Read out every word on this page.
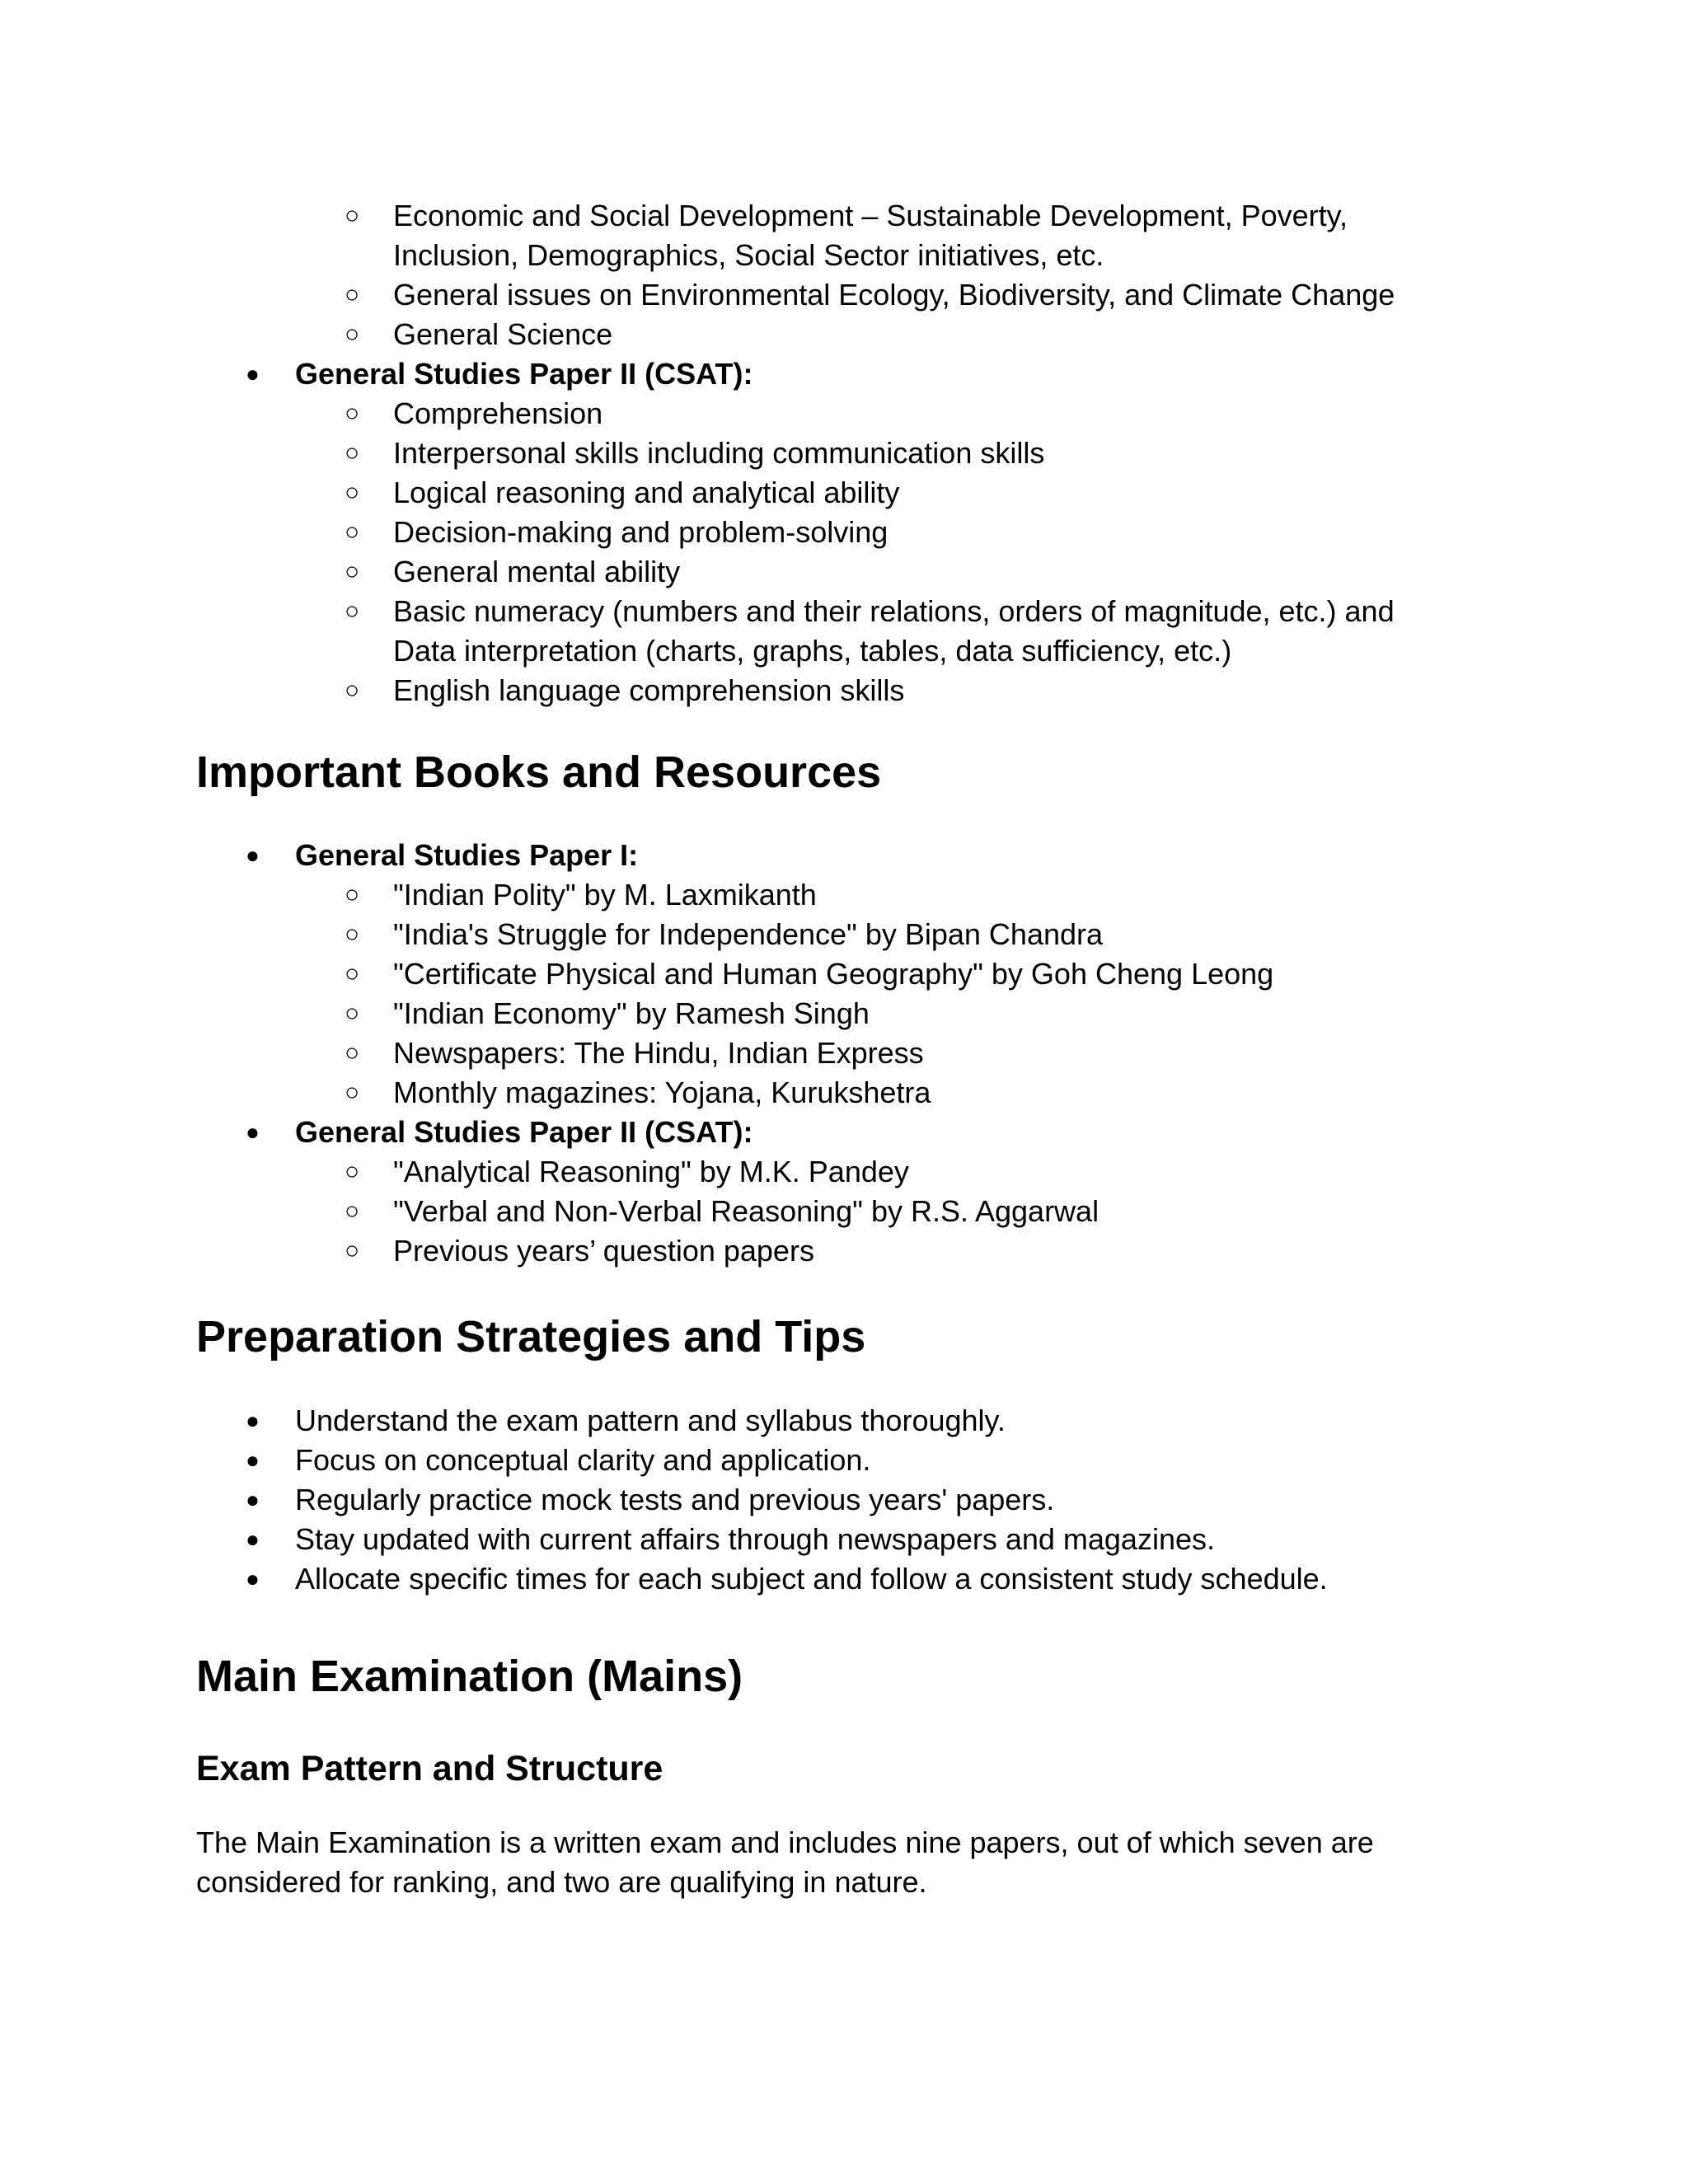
○ Economic and Social Development – Sustainable Development, Poverty,
Inclusion, Demographics, Social Sector initiatives, etc.
○ General issues on Environmental Ecology, Biodiversity, and Climate Change
○ General Science
● General Studies Paper II (CSAT):
○ Comprehension
○ Interpersonal skills including communication skills
○ Logical reasoning and analytical ability
○ Decision-making and problem-solving
○ General mental ability
○ Basic numeracy (numbers and their relations, orders of magnitude, etc.) and
Data interpretation (charts, graphs, tables, data sufficiency, etc.)
○ English language comprehension skills
Important Books and Resources
● General Studies Paper I:
○ "Indian Polity" by M. Laxmikanth
○ "India's Struggle for Independence" by Bipan Chandra
○ "Certificate Physical and Human Geography" by Goh Cheng Leong
○ "Indian Economy" by Ramesh Singh
○ Newspapers: The Hindu, Indian Express
○ Monthly magazines: Yojana, Kurukshetra
● General Studies Paper II (CSAT):
○ "Analytical Reasoning" by M.K. Pandey
○ "Verbal and Non-Verbal Reasoning" by R.S. Aggarwal
○ Previous years’ question papers
Preparation Strategies and Tips
● Understand the exam pattern and syllabus thoroughly.
● Focus on conceptual clarity and application.
● Regularly practice mock tests and previous years' papers.
● Stay updated with current affairs through newspapers and magazines.
● Allocate specific times for each subject and follow a consistent study schedule.
Main Examination (Mains)
Exam Pattern and Structure
The Main Examination is a written exam and includes nine papers, out of which seven are
considered for ranking, and two are qualifying in nature.
